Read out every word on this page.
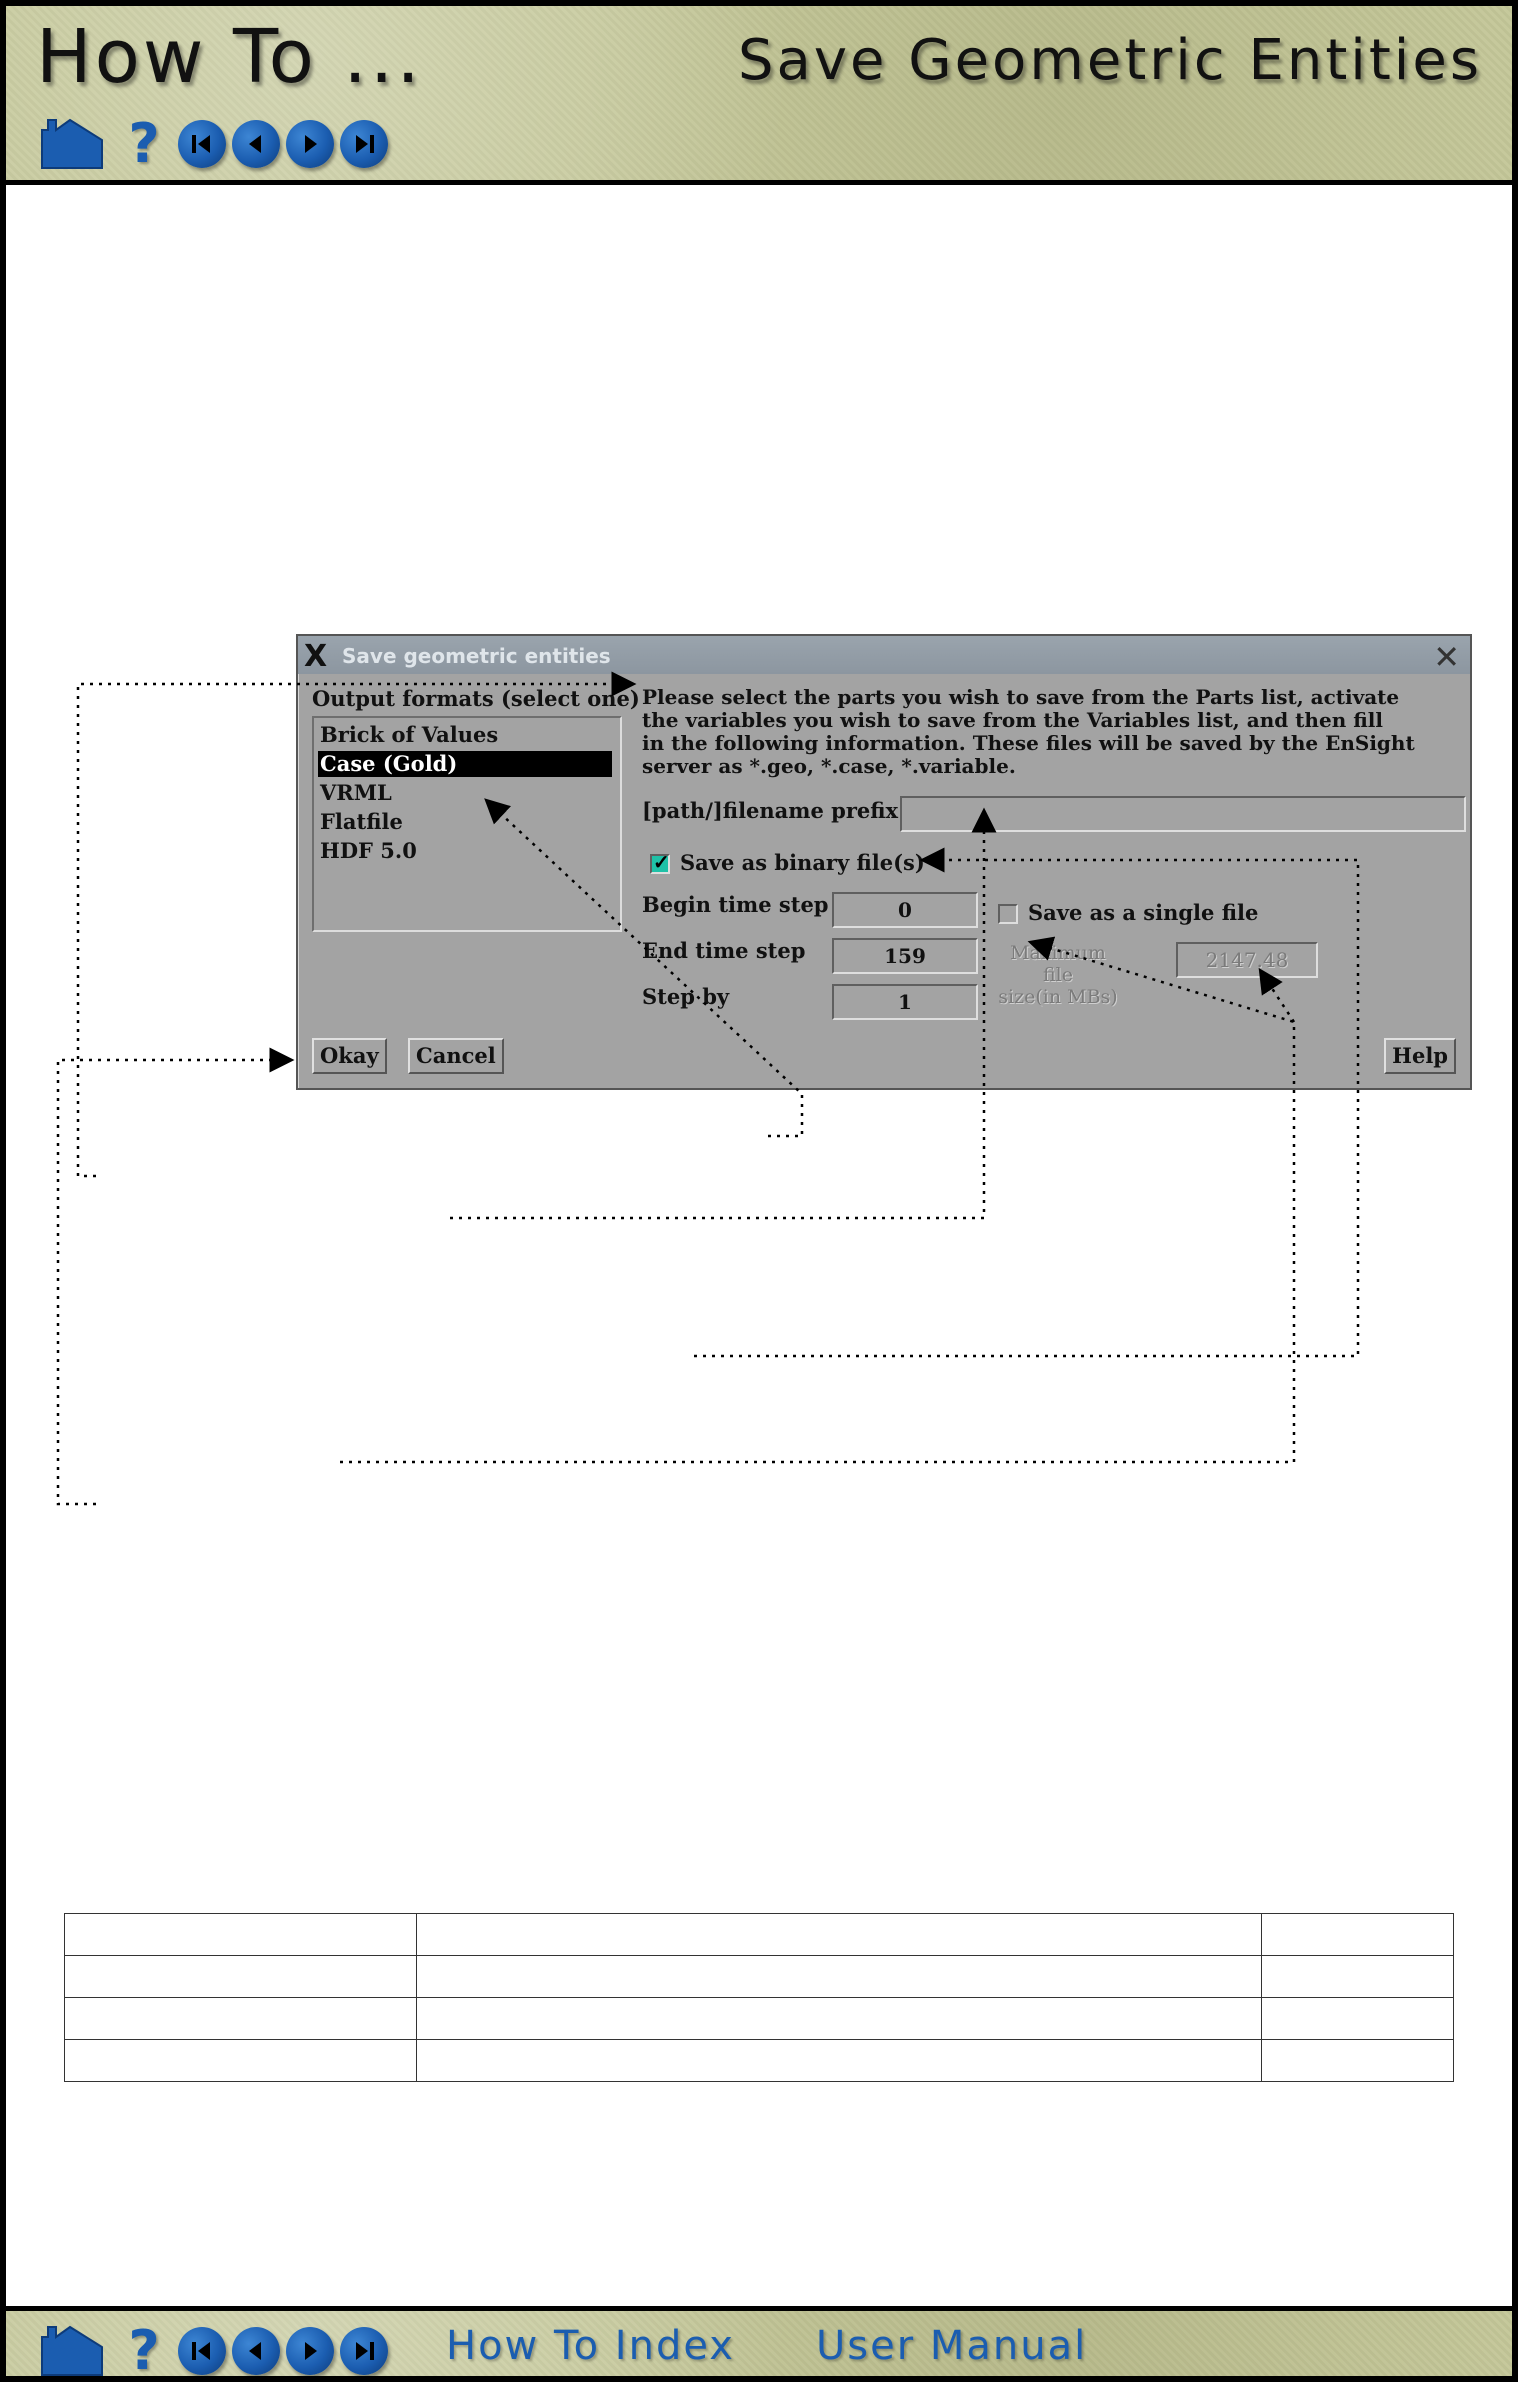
How To ...	Save Geometric Entities
?
X Save geometric entities	✕
Output formats (select one)
Brick of Values
Case (Gold)
VRML
Flatfile
HDF 5.0
Please select the parts you wish to save from the Parts list, activate
the variables you wish to save from the Variables list, and then fill
in the following information. These files will be saved by the EnSight
server as *.geo, *.case, *.variable.
[path/]filename prefix
✓ Save as binary file(s)
Begin time step	0
End time step	159
Step by	1
Save as a single file
Maximum file
size(in MBs)
2147.48
Okay	Cancel	Help

?	How To Index User Manual
